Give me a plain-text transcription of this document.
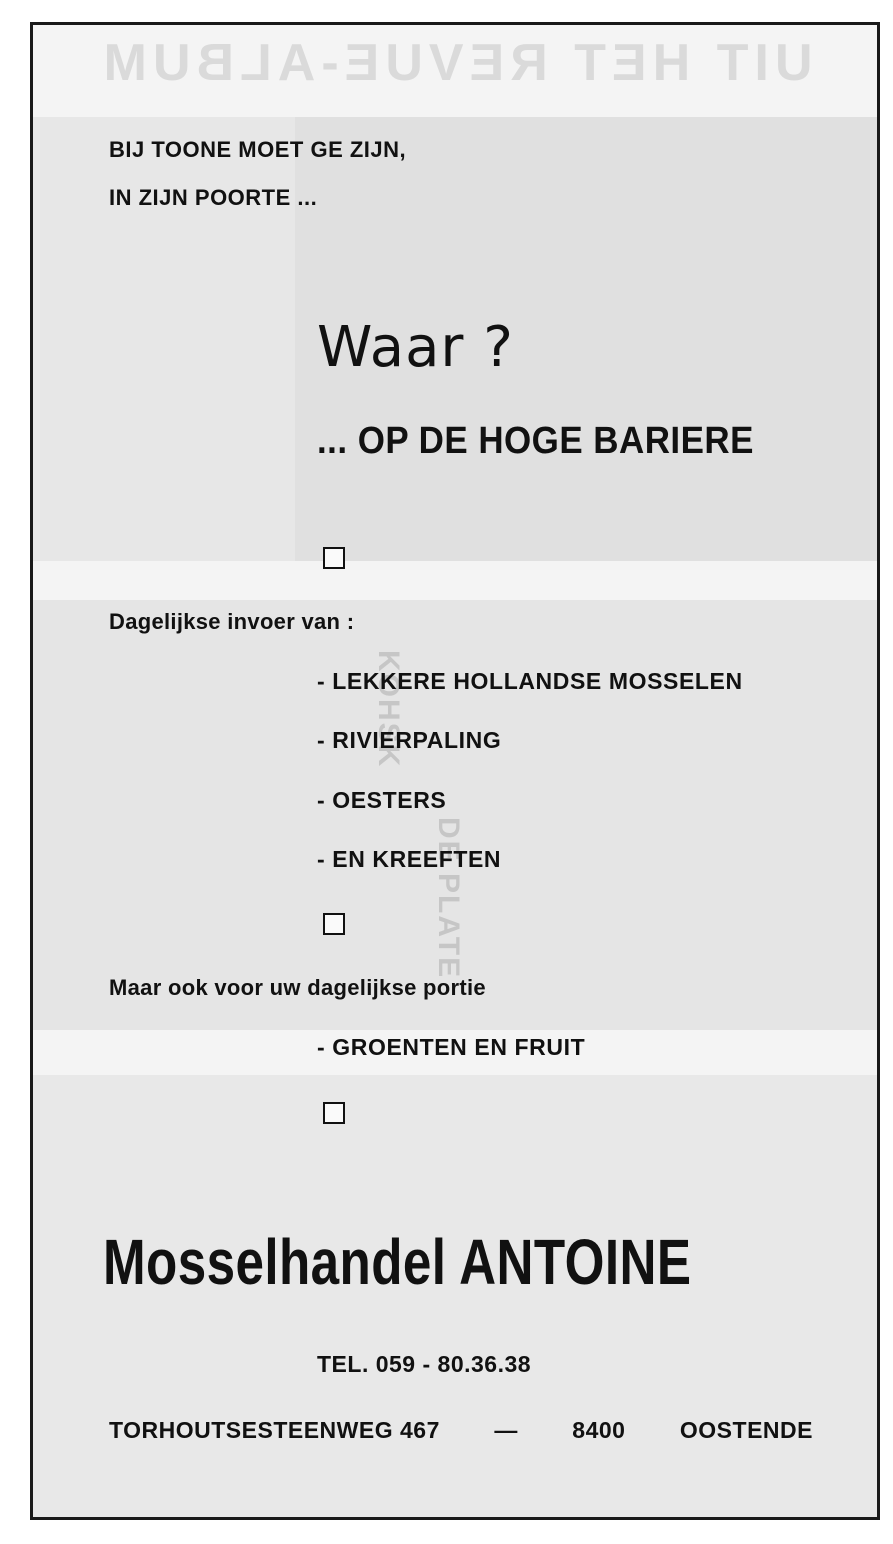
UIT HET REVUE-ALBUM
KOHSK
DE PLATE
BIJ TOONE MOET GE ZIJN,
IN ZIJN POORTE ...
Waar ?
... OP DE HOGE BARIERE
Dagelijkse invoer van :
- LEKKERE HOLLANDSE MOSSELEN
- RIVIERPALING
- OESTERS
- EN KREEFTEN
Maar ook voor uw dagelijkse portie
- GROENTEN EN FRUIT
Mosselhandel ANTOINE
TEL. 059 - 80.36.38
TORHOUTSESTEENWEG 467 — 8400 OOSTENDE
